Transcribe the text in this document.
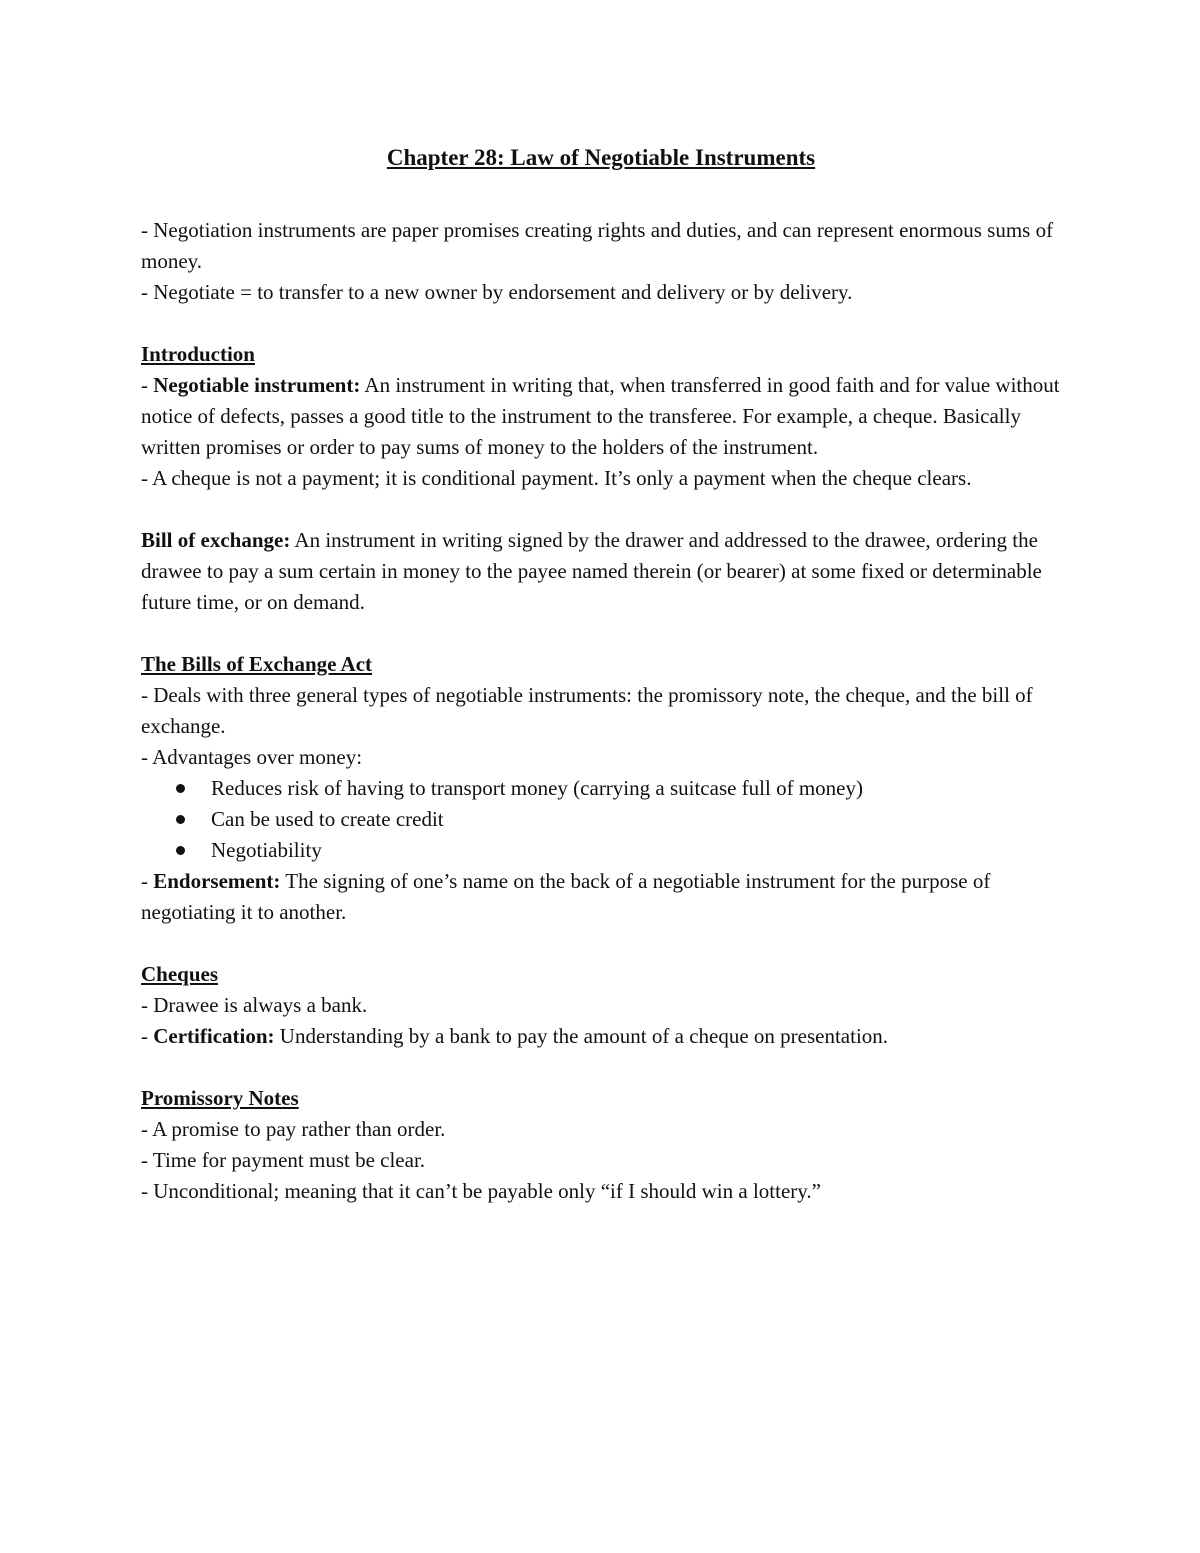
Chapter 28: Law of Negotiable Instruments

- Negotiation instruments are paper promises creating rights and duties, and can represent enormous sums of money.

- Negotiate = to transfer to a new owner by endorsement and delivery or by delivery.

Introduction

- Negotiable instrument: An instrument in writing that, when transferred in good faith and for value without notice of defects, passes a good title to the instrument to the transferee. For example, a cheque. Basically written promises or order to pay sums of money to the holders of the instrument.

- A cheque is not a payment; it is conditional payment. It’s only a payment when the cheque clears.

Bill of exchange: An instrument in writing signed by the drawer and addressed to the drawee, ordering the drawee to pay a sum certain in money to the payee named therein (or bearer) at some fixed or determinable future time, or on demand.

The Bills of Exchange Act

- Deals with three general types of negotiable instruments: the promissory note, the cheque, and the bill of exchange.

- Advantages over money:

Reduces risk of having to transport money (carrying a suitcase full of money)
Can be used to create credit
Negotiability

- Endorsement: The signing of one’s name on the back of a negotiable instrument for the purpose of negotiating it to another.

Cheques

- Drawee is always a bank.

- Certification: Understanding by a bank to pay the amount of a cheque on presentation.

Promissory Notes

- A promise to pay rather than order.

- Time for payment must be clear.

- Unconditional; meaning that it can’t be payable only “if I should win a lottery.”
